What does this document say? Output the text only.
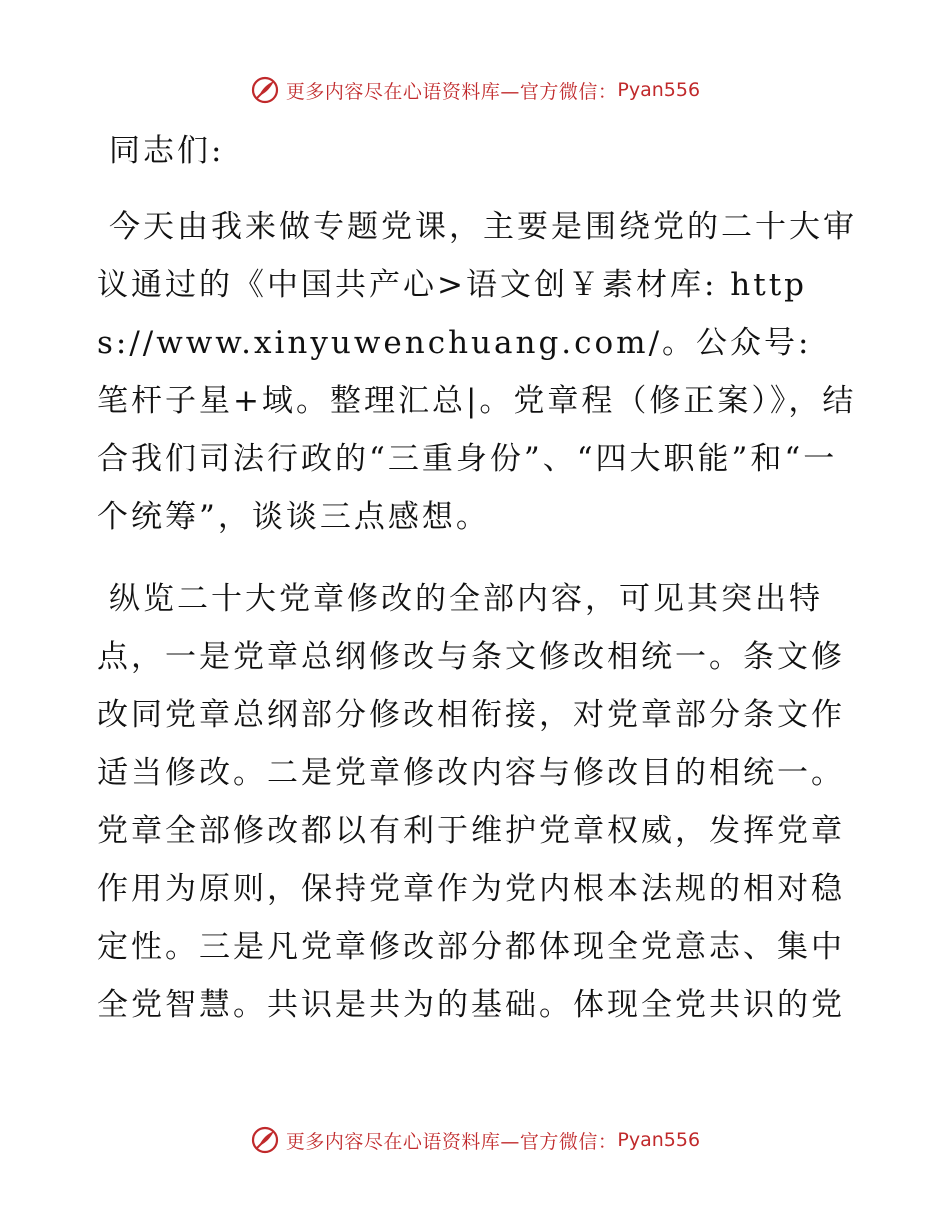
更多内容尽在心语资料库—官方微信： Pyan556

同志们:

今天由我来做专题党课，主要是围绕党的二十大审议通过的《中国共产心>语文创￥素材库: https://www.xinyuwenchuang.com/。公众号: 笔杆子星+域。整理汇总|。党章程（修正案）》，结合我们司法行政的“三重身份”、“四大职能”和“一个统筹”，谈谈三点感想。

纵览二十大党章修改的全部内容，可见其突出特点，一是党章总纲修改与条文修改相统一。条文修改同党章总纲部分修改相衔接，对党章部分条文作适当修改。二是党章修改内容与修改目的相统一。党章全部修改都以有利于维护党章权威，发挥党章作用为原则，保持党章作为党内根本法规的相对稳定性。三是凡党章修改部分都体现全党意志、集中全党智慧。共识是共为的基础。体现全党共识的党

更多内容尽在心语资料库—官方微信： Pyan556
